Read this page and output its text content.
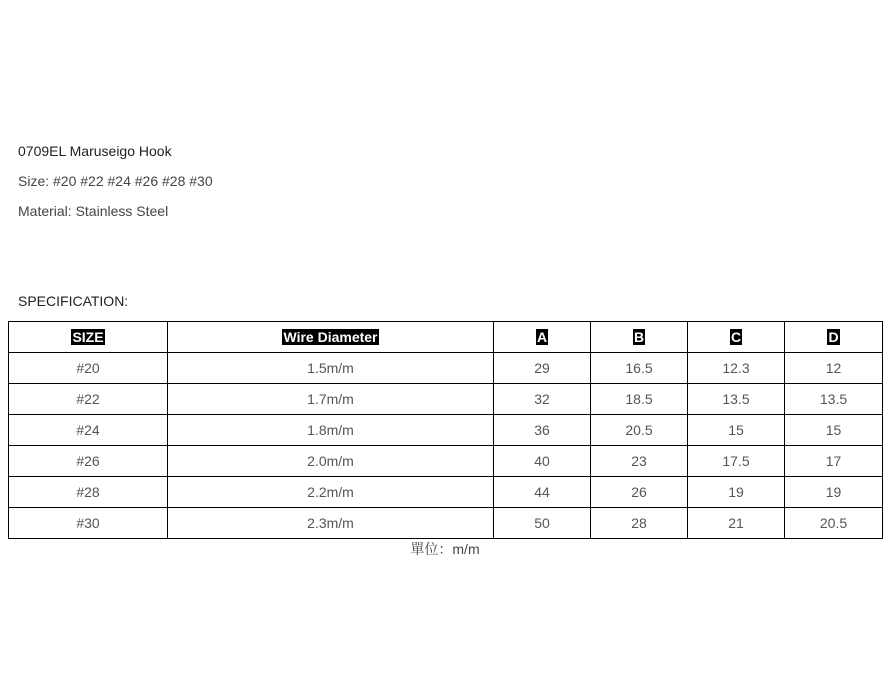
0709EL Maruseigo Hook
Size: #20 #22 #24 #26 #28 #30
Material: Stainless Steel
SPECIFICATION:
SIZE	Wire Diameter	A	B	C	D
#20	1.5m/m	29	16.5	12.3	12
#22	1.7m/m	32	18.5	13.5	13.5
#24	1.8m/m	36	20.5	15	15
#26	2.0m/m	40	23	17.5	17
#28	2.2m/m	44	26	19	19
#30	2.3m/m	50	28	21	20.5
單位：m/m
